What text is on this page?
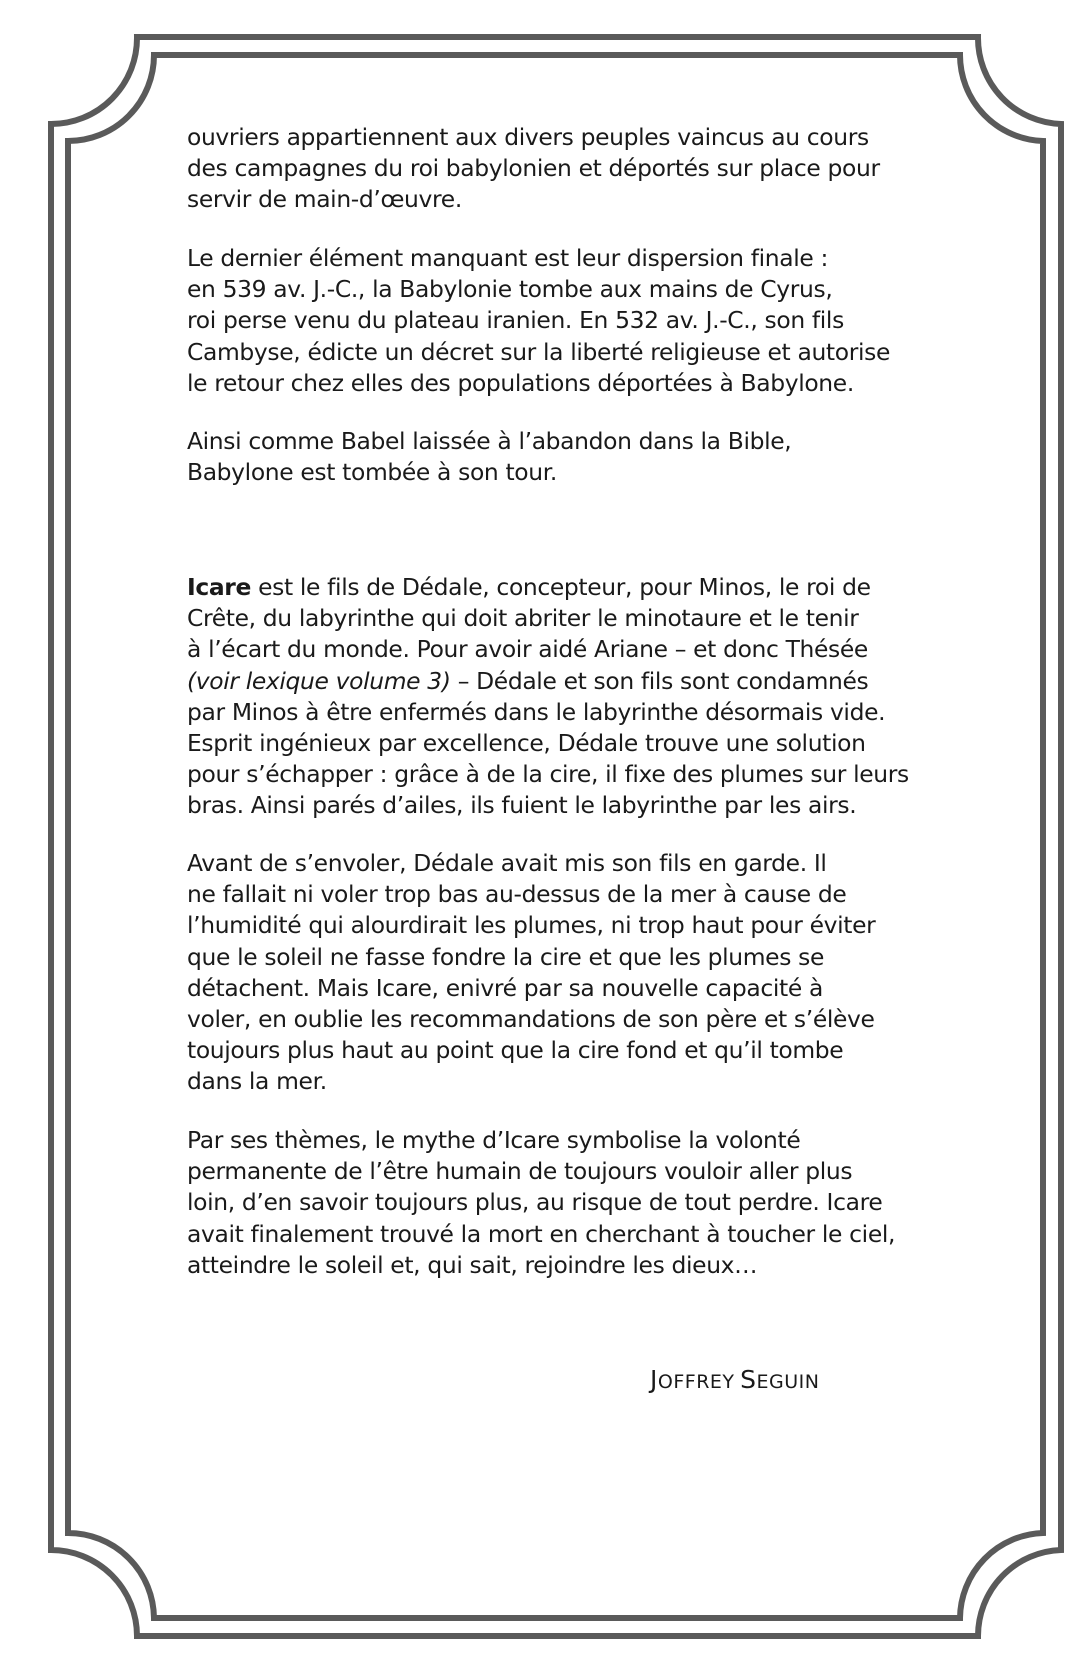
ouvriers appartiennent aux divers peuples vaincus au cours
des campagnes du roi babylonien et déportés sur place pour
servir de main-d’œuvre.
Le dernier élément manquant est leur dispersion finale :
en 539 av. J.-C., la Babylonie tombe aux mains de Cyrus,
roi perse venu du plateau iranien. En 532 av. J.-C., son fils
Cambyse, édicte un décret sur la liberté religieuse et autorise
le retour chez elles des populations déportées à Babylone.
Ainsi comme Babel laissée à l’abandon dans la Bible,
Babylone est tombée à son tour.
Icare est le fils de Dédale, concepteur, pour Minos, le roi de
Crête, du labyrinthe qui doit abriter le minotaure et le tenir
à l’écart du monde. Pour avoir aidé Ariane – et donc Thésée
(voir lexique volume 3) – Dédale et son fils sont condamnés
par Minos à être enfermés dans le labyrinthe désormais vide.
Esprit ingénieux par excellence, Dédale trouve une solution
pour s’échapper : grâce à de la cire, il fixe des plumes sur leurs
bras. Ainsi parés d’ailes, ils fuient le labyrinthe par les airs.
Avant de s’envoler, Dédale avait mis son fils en garde. Il
ne fallait ni voler trop bas au-dessus de la mer à cause de
l’humidité qui alourdirait les plumes, ni trop haut pour éviter
que le soleil ne fasse fondre la cire et que les plumes se
détachent. Mais Icare, enivré par sa nouvelle capacité à
voler, en oublie les recommandations de son père et s’élève
toujours plus haut au point que la cire fond et qu’il tombe
dans la mer.
Par ses thèmes, le mythe d’Icare symbolise la volonté
permanente de l’être humain de toujours vouloir aller plus
loin, d’en savoir toujours plus, au risque de tout perdre. Icare
avait finalement trouvé la mort en cherchant à toucher le ciel,
atteindre le soleil et, qui sait, rejoindre les dieux…
JOFFREY SEGUIN
